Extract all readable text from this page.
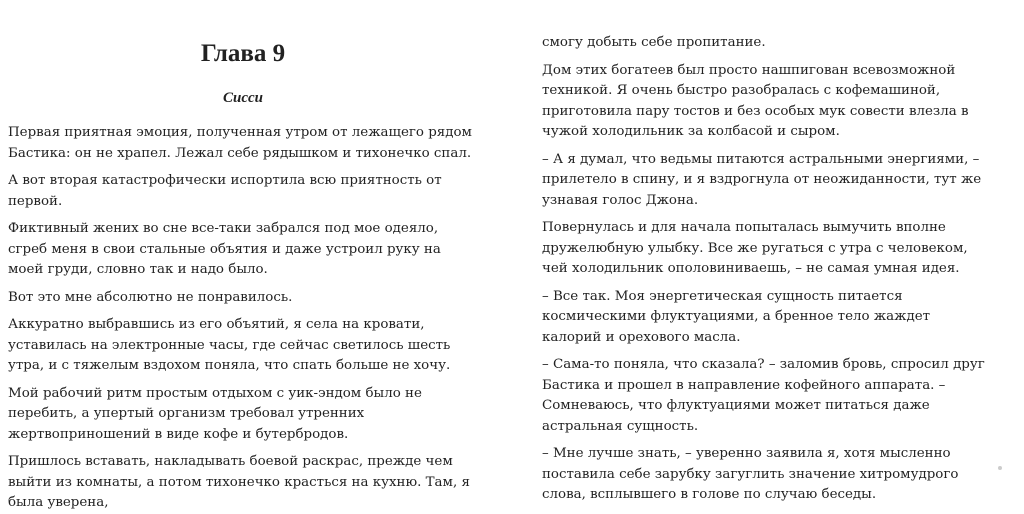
Глава 9
Сисси

Первая приятная эмоция, полученная утром от лежащего рядом Бастика: он не храпел. Лежал себе рядышком и тихонечко спал.

А вот вторая катастрофически испортила всю приятность от первой.

Фиктивный жених во сне все-таки забрался под мое одеяло, сгреб меня в свои стальные объятия и даже устроил руку на моей груди, словно так и надо было.

Вот это мне абсолютно не понравилось.

Аккуратно выбравшись из его объятий, я села на кровати, уставилась на электронные часы, где сейчас светилось шесть утра, и с тяжелым вздохом поняла, что спать больше не хочу.

Мой рабочий ритм простым отдыхом с уик-эндом было не перебить, а упертый организм требовал утренних жертвоприношений в виде кофе и бутербродов.

Пришлось вставать, накладывать боевой раскрас, прежде чем выйти из комнаты, а потом тихонечко красться на кухню. Там, я была уверена,

смогу добыть себе пропитание.

Дом этих богатеев был просто нашпигован всевозможной техникой. Я очень быстро разобралась с кофемашиной, приготовила пару тостов и без особых мук совести влезла в чужой холодильник за колбасой и сыром.

– А я думал, что ведьмы питаются астральными энергиями, – прилетело в спину, и я вздрогнула от неожиданности, тут же узнавая голос Джона.

Повернулась и для начала попыталась вымучить вполне дружелюбную улыбку. Все же ругаться с утра с человеком, чей холодильник ополовиниваешь, – не самая умная идея.

– Все так. Моя энергетическая сущность питается космическими флуктуациями, а бренное тело жаждет калорий и орехового масла.

– Сама-то поняла, что сказала? – заломив бровь, спросил друг Бастика и прошел в направление кофейного аппарата. – Сомневаюсь, что флуктуациями может питаться даже астральная сущность.

– Мне лучше знать, – уверенно заявила я, хотя мысленно поставила себе зарубку загуглить значение хитромудрого слова, всплывшего в голове по случаю беседы.
